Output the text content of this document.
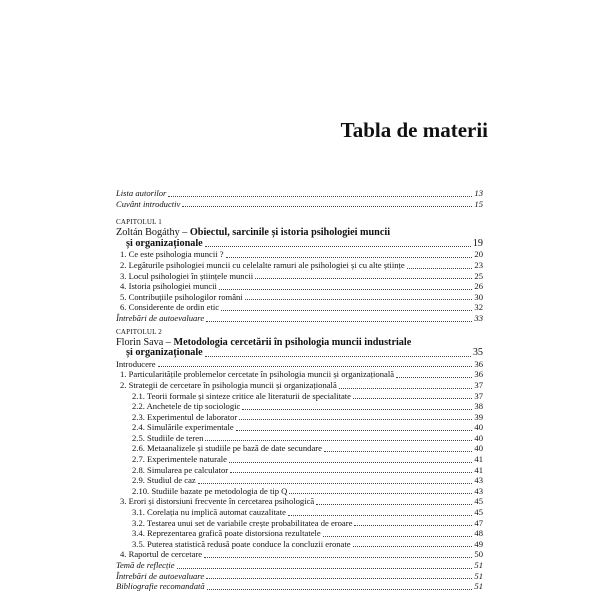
Tabla de materii
Lista autorilor	13
Cuvânt introductiv	15
CAPITOLUL 1
Zoltán Bogáthy – Obiectul, sarcinile și istoria psihologiei muncii
și organizaționale	19
1. Ce este psihologia muncii ?	20
2. Legăturile psihologiei muncii cu celelalte ramuri ale psihologiei și cu alte științe	23
3. Locul psihologiei în științele muncii	25
4. Istoria psihologiei muncii	26
5. Contribuțiile psihologilor români	30
6. Considerente de ordin etic	32
Întrebări de autoevaluare	33
CAPITOLUL 2
Florin Sava – Metodologia cercetării în psihologia muncii industriale
și organizaționale	35
Introducere	36
1. Particularitățile problemelor cercetate în psihologia muncii și organizațională	36
2. Strategii de cercetare în psihologia muncii și organizațională	37
2.1. Teorii formale și sinteze critice ale literaturii de specialitate	37
2.2. Anchetele de tip sociologic	38
2.3. Experimentul de laborator	39
2.4. Simulările experimentale	40
2.5. Studiile de teren	40
2.6. Metaanalizele și studiile pe bază de date secundare	40
2.7. Experimentele naturale	41
2.8. Simularea pe calculator	41
2.9. Studiul de caz	43
2.10. Studiile bazate pe metodologia de tip Q	43
3. Erori și distorsiuni frecvente în cercetarea psihologică	45
3.1. Corelația nu implică automat cauzalitate	45
3.2. Testarea unui set de variabile crește probabilitatea de eroare	47
3.4. Reprezentarea grafică poate distorsiona rezultatele	48
3.5. Puterea statistică redusă poate conduce la concluzii eronate	49
4. Raportul de cercetare	50
Temă de reflecție	51
Întrebări de autoevaluare	51
Bibliografie recomandată	51
